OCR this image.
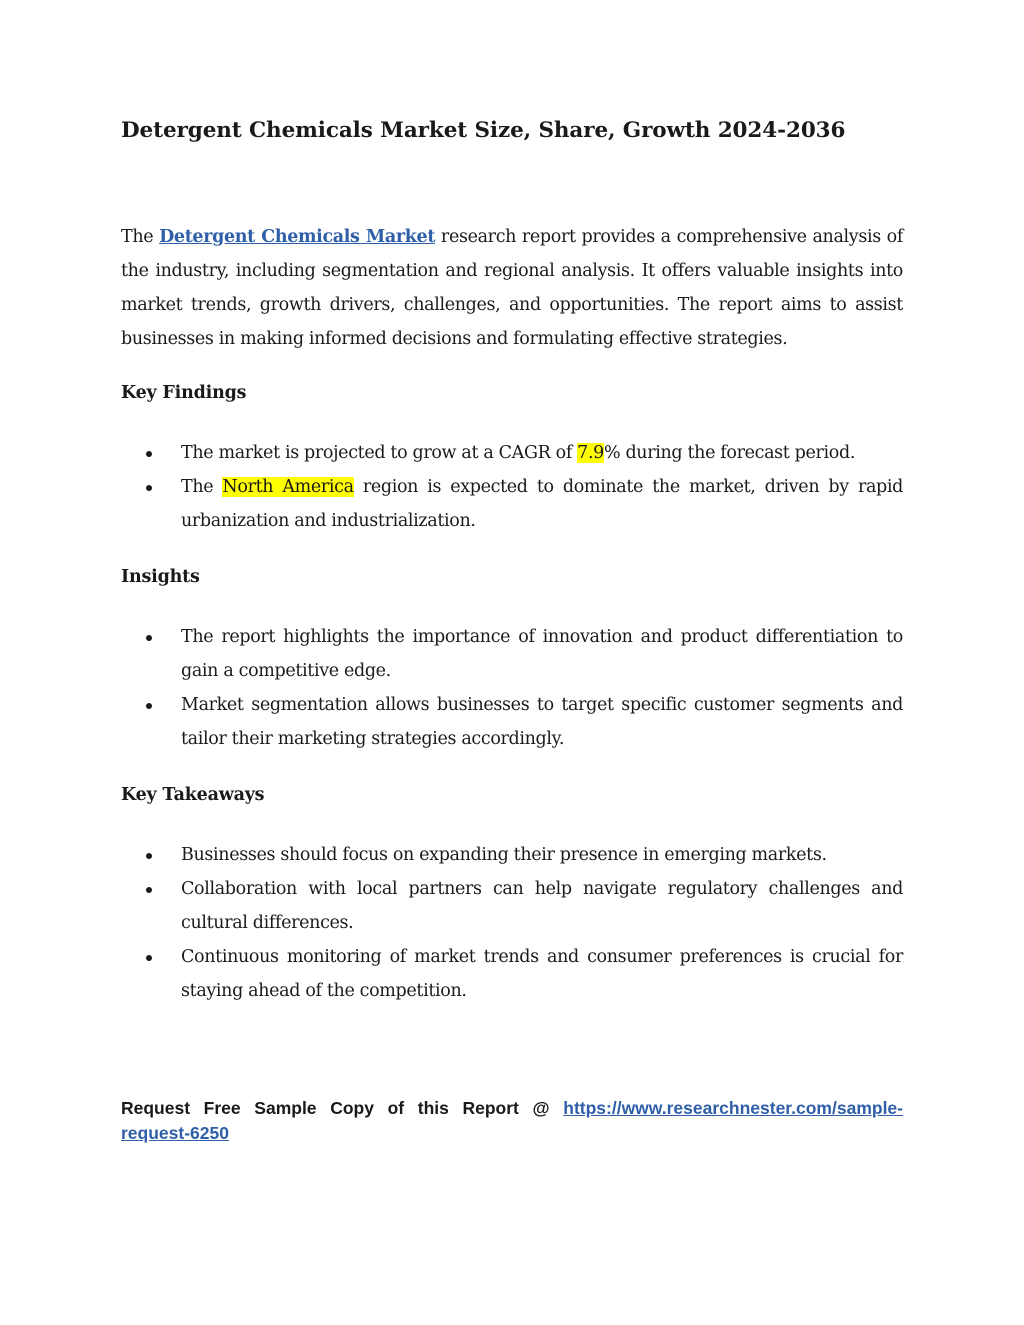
Detergent Chemicals Market Size, Share, Growth 2024-2036

The Detergent Chemicals Market research report provides a comprehensive analysis of the industry, including segmentation and regional analysis. It offers valuable insights into market trends, growth drivers, challenges, and opportunities. The report aims to assist businesses in making informed decisions and formulating effective strategies.

Key Findings
The market is projected to grow at a CAGR of 7.9% during the forecast period.
The North America region is expected to dominate the market, driven by rapid urbanization and industrialization.
Insights
The report highlights the importance of innovation and product differentiation to gain a competitive edge.
Market segmentation allows businesses to target specific customer segments and tailor their marketing strategies accordingly.
Key Takeaways
Businesses should focus on expanding their presence in emerging markets.
Collaboration with local partners can help navigate regulatory challenges and cultural differences.
Continuous monitoring of market trends and consumer preferences is crucial for staying ahead of the competition.

Request Free Sample Copy of this Report @ https://www.researchnester.com/sample-request-6250
